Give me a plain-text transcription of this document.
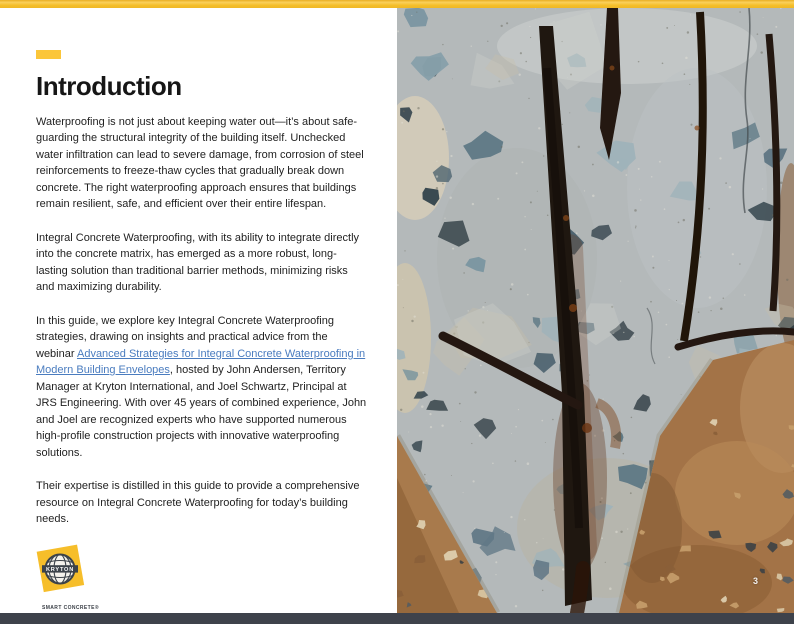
Introduction

Waterproofing is not just about keeping water out—it’s about safe-guarding the structural integrity of the building itself. Unchecked water infiltration can lead to severe damage, from corrosion of steel reinforcements to freeze-thaw cycles that gradually break down concrete. The right waterproofing approach ensures that buildings remain resilient, safe, and efficient over their entire lifespan.

Integral Concrete Waterproofing, with its ability to integrate directly into the concrete matrix, has emerged as a more robust, long-lasting solution than traditional barrier methods, minimizing risks and maximizing durability.

In this guide, we explore key Integral Concrete Waterproofing strategies, drawing on insights and practical advice from the webinar Advanced Strategies for Integral Concrete Waterproofing in Modern Building Envelopes, hosted by John Andersen, Territory Manager at Kryton International, and Joel Schwartz, Principal at JRS Engineering. With over 45 years of combined experience, John and Joel are recognized experts who have supported numerous high-profile construction projects with innovative waterproofing solutions.

Their expertise is distilled in this guide to provide a comprehensive resource on Integral Concrete Waterproofing for today’s building needs.

KRYTON
SMART CONCRETE®
3
